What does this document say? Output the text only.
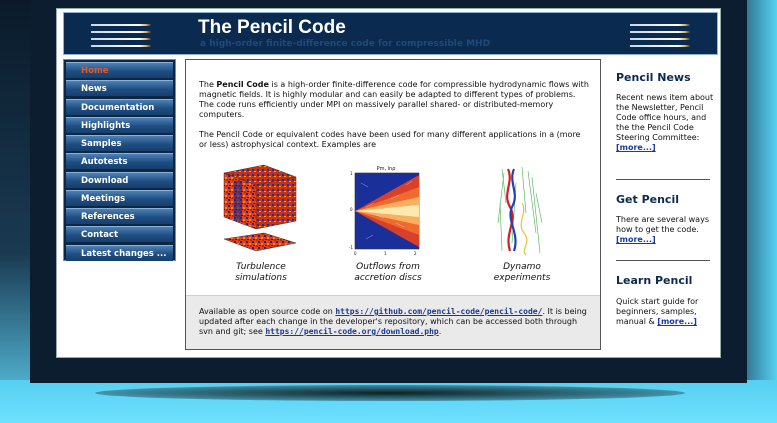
The Pencil Code
a high-order finite-difference code for compressible MHD
Home
News
Documentation
Highlights
Samples
Autotests
Download
Meetings
References
Contact
Latest changes ...

The Pencil Code is a high-order finite-difference code for compressible hydrodynamic flows with magnetic fields. It is highly modular and can easily be adapted to different types of problems. The code runs efficiently under MPI on massively parallel shared- or distributed-memory computers.

The Pencil Code or equivalent codes have been used for many different applications in a (more or less) astrophysical context. Examples are

Turbulence
simulations
Pm, lnρ
1
0
-1
0	1	2
Outflows from
accretion discs
Dynamo
experiments

Available as open source code on https://github.com/pencil-code/pencil-code/. It is being updated after each change in the developer's repository, which can be accessed both through svn and git; see https://pencil-code.org/download.php.

Pencil News
Recent news item about the Newsletter, Pencil Code office hours, and the the Pencil Code Steering Committee: [more...]
Get Pencil
There are several ways how to get the code. [more...]
Learn Pencil
Quick start guide for beginners, samples, manual & [more...]
